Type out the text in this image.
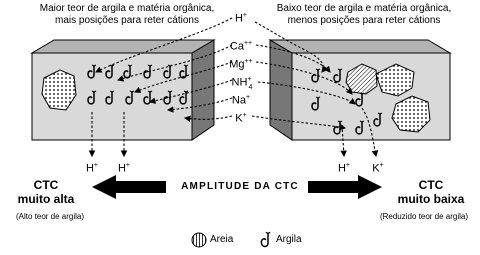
Maior teor de argila e matéria orgânica,
mais posições para reter cátions
Baixo teor de argila e matéria orgânica,
menos posições para reter cátions
H+
Ca++
Mg++
$NH^+_4$
Na+
K+
H+	H+	H+	K+
CTC
muito alta
(Alto teor de argila)
CTC
muito baixa
(Reduzido teor de argila)
AMPLITUDE DA CTC
Areia	Argila
